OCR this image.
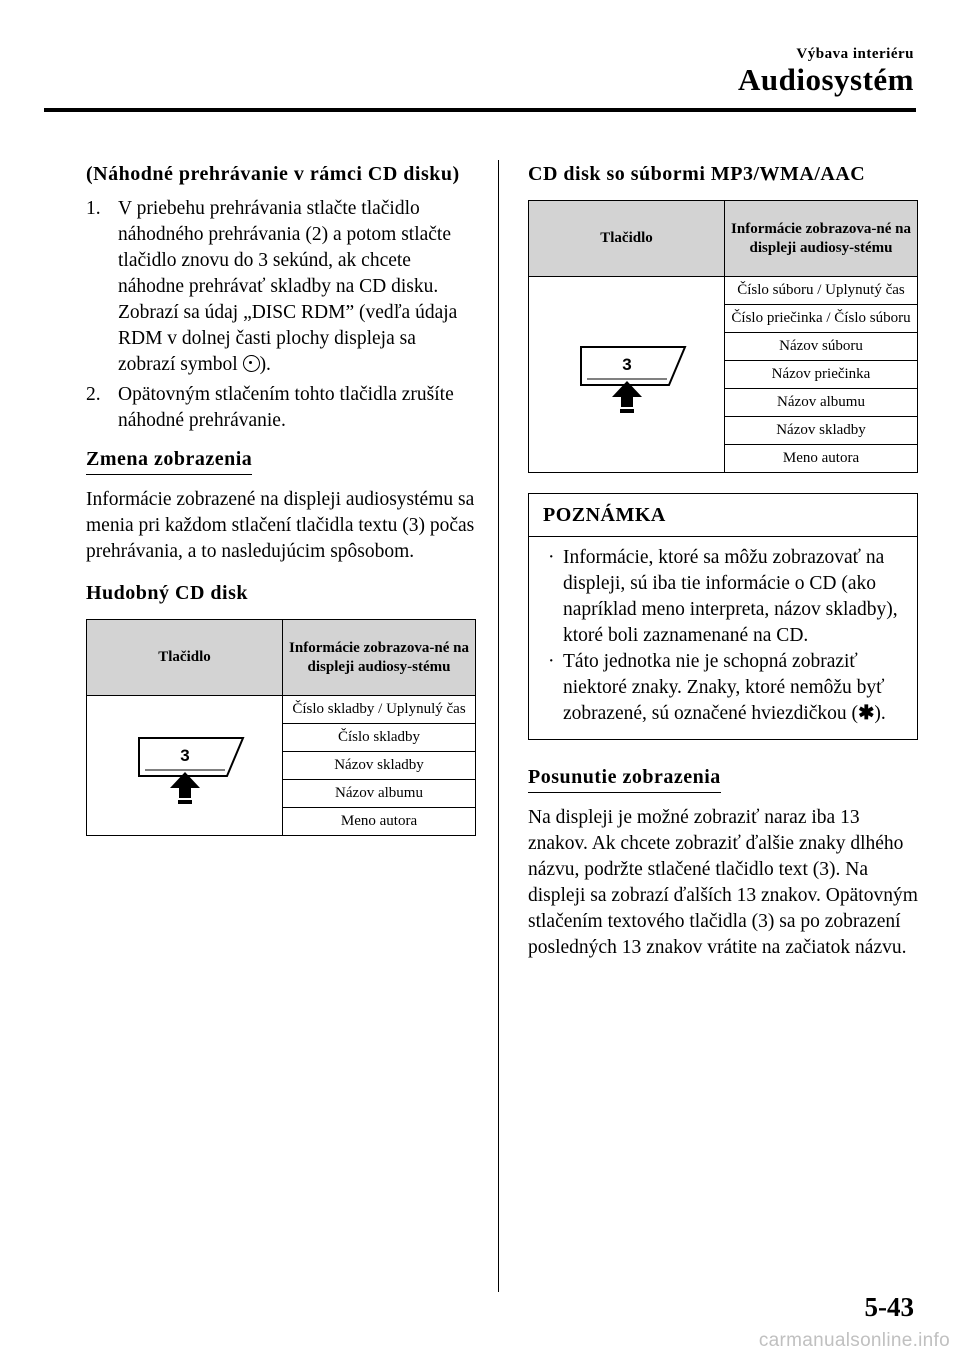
Výbava interiéru
Audiosystém
(Náhodné prehrávanie v rámci CD disku)
1. V priebehu prehrávania stlačte tlačidlo náhodného prehrávania (2) a potom stlačte tlačidlo znovu do 3 sekúnd, ak chcete náhodne prehrávať skladby na CD disku. Zobrazí sa údaj „DISC RDM” (vedľa údaja RDM v dolnej časti plochy displeja sa zobrazí symbol ).
2. Opätovným stlačením tohto tlačidla zrušíte náhodné prehrávanie.
Zmena zobrazenia

Informácie zobrazené na displeji audiosystému sa menia pri každom stlačení tlačidla textu (3) počas prehrávania, a to nasledujúcim spôsobom.

Hudobný CD disk
Tlačidlo	Informácie zobrazova-né na displeji audiosy-stému

3	Číslo skladby / Uplynulý čas
	Číslo skladby
	Názov skladby
	Názov albumu
	Meno autora
CD disk so súbormi MP3/WMA/AAC
Tlačidlo	Informácie zobrazova-né na displeji audiosy-stému

3	Číslo súboru / Uplynutý čas
	Číslo priečinka / Číslo súboru
	Názov súboru
	Názov priečinka
	Názov albumu
	Názov skladby
	Meno autora
POZNÁMKA
· Informácie, ktoré sa môžu zobrazovať na displeji, sú iba tie informácie o CD (ako napríklad meno interpreta, názov skladby), ktoré boli zaznamenané na CD.
· Táto jednotka nie je schopná zobraziť niektoré znaky. Znaky, ktoré nemôžu byť zobrazené, sú označené hviezdičkou (✱).
Posunutie zobrazenia

Na displeji je možné zobraziť naraz iba 13 znakov. Ak chcete zobraziť ďalšie znaky dlhého názvu, podržte stlačené tlačidlo text (3). Na displeji sa zobrazí ďalších 13 znakov. Opätovným stlačením textového tlačidla (3) sa po zobrazení posledných 13 znakov vrátite na začiatok názvu.

5-43
carmanualsonline.info
